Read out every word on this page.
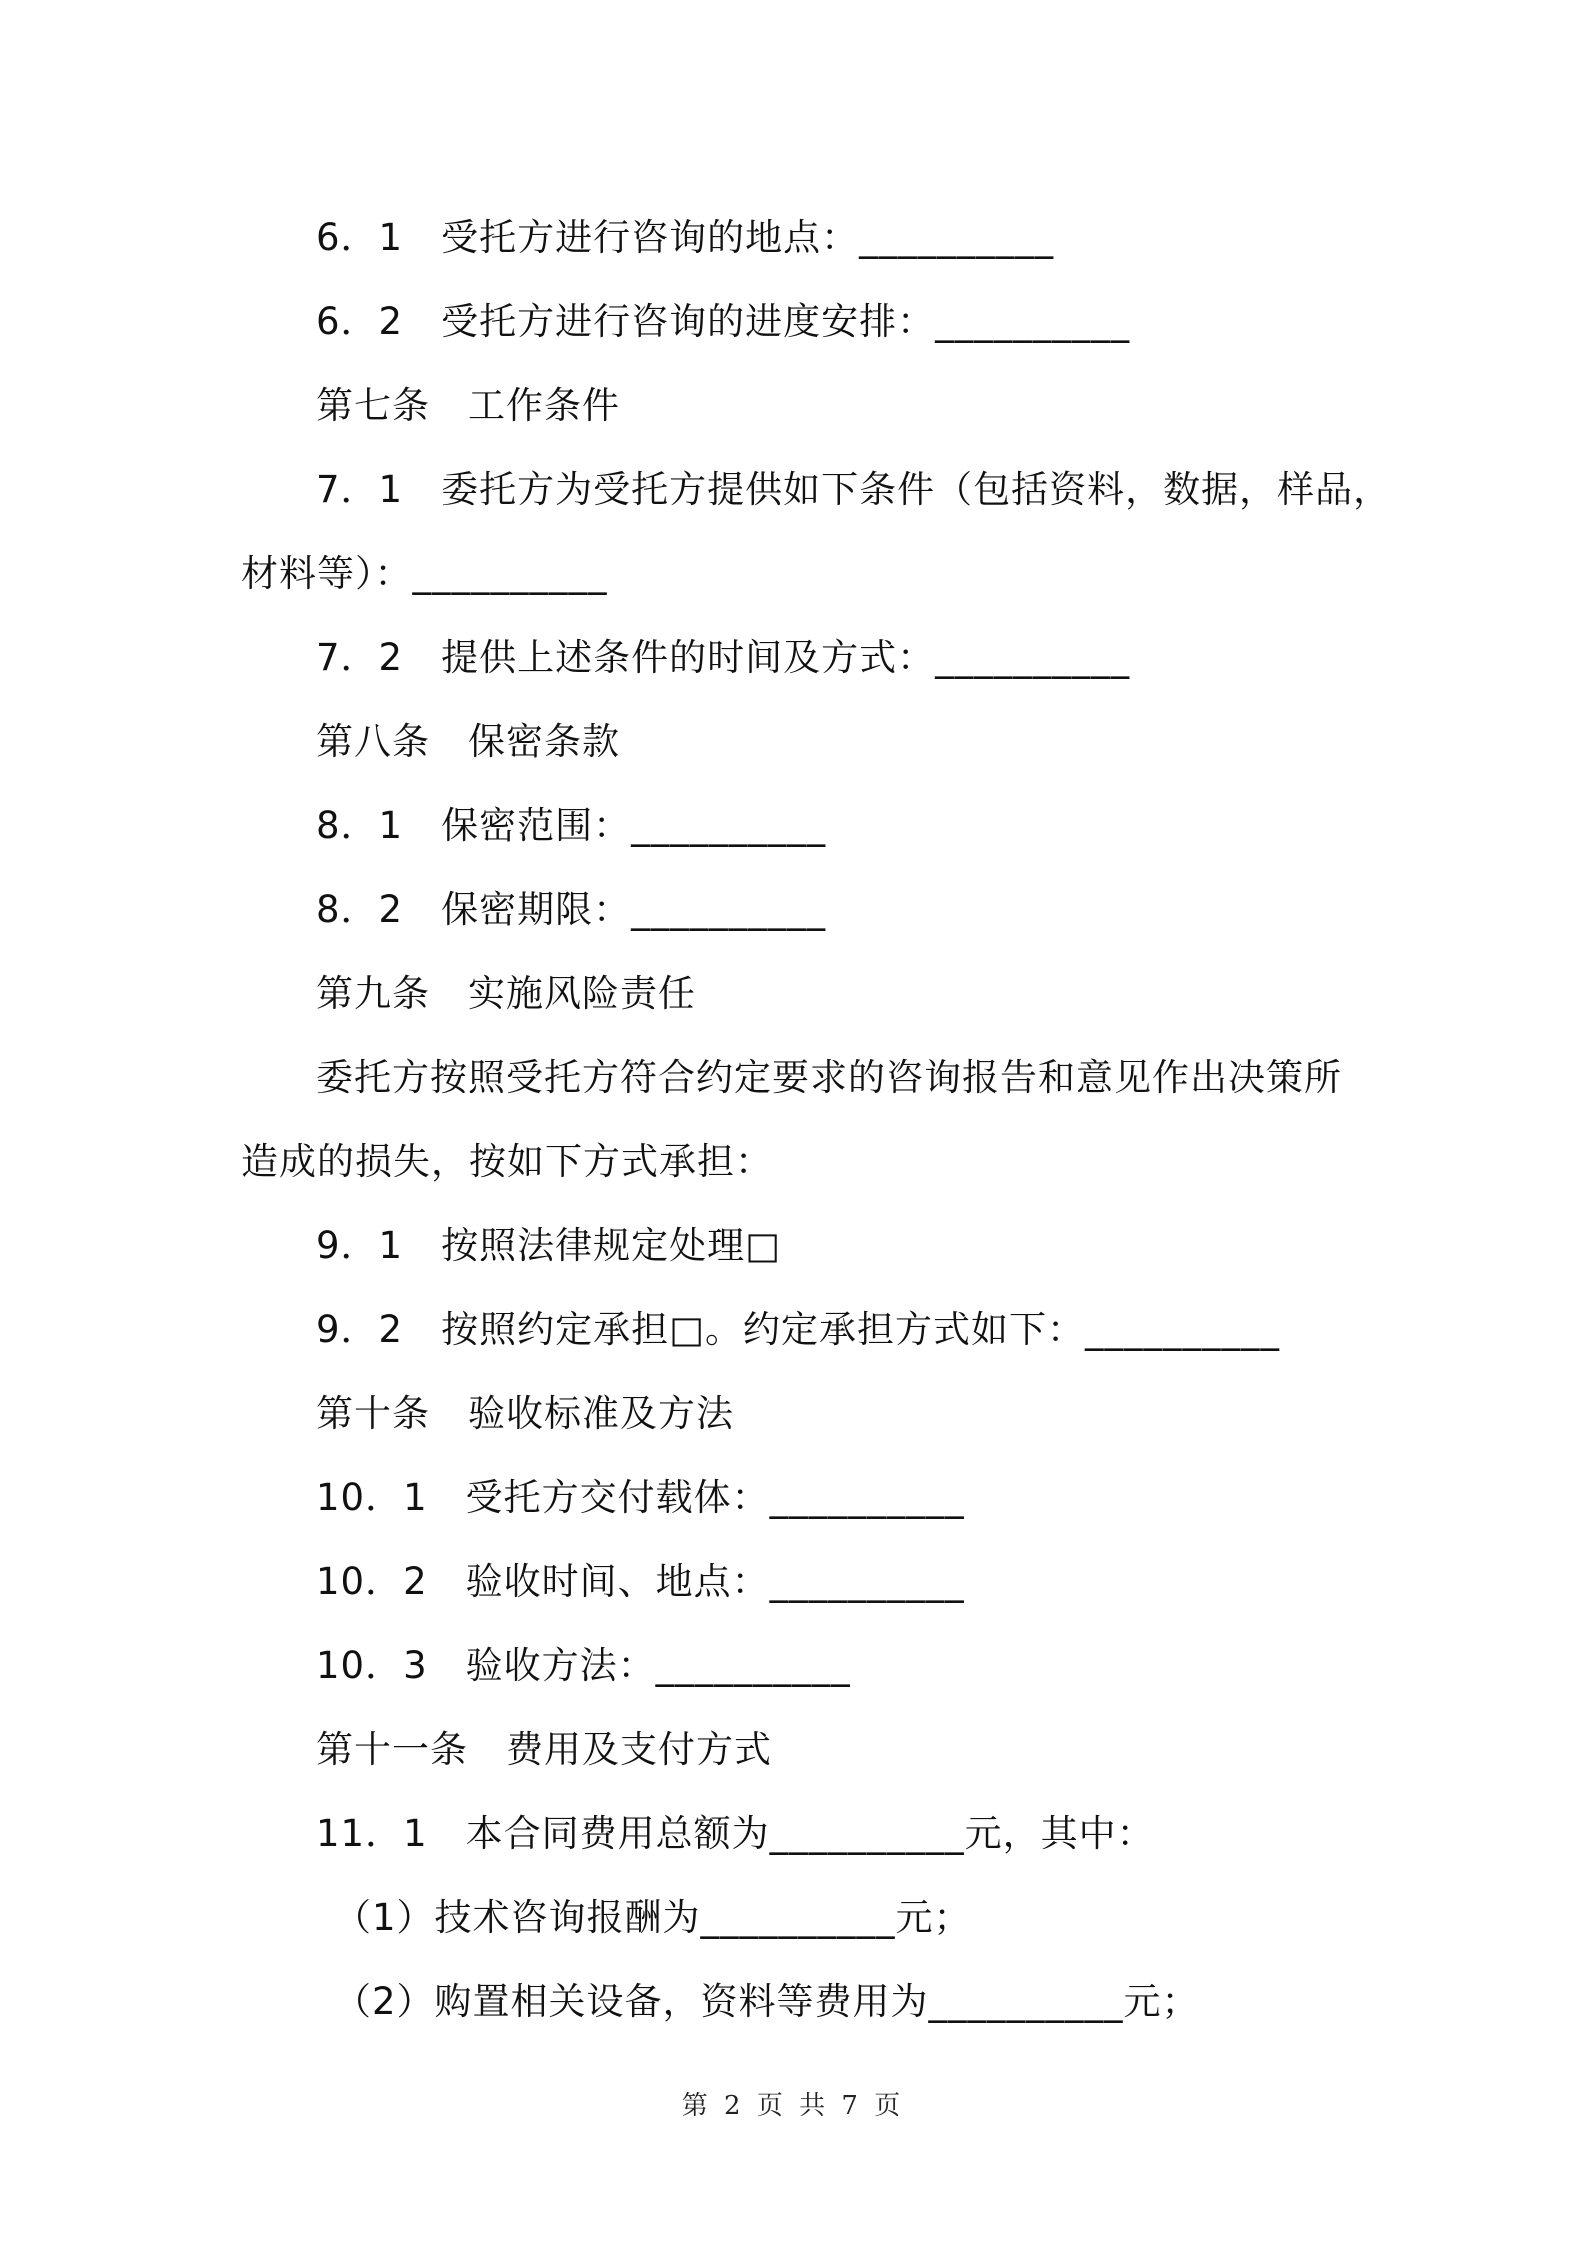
6．1　受托方进行咨询的地点：__________
6．2　受托方进行咨询的进度安排：__________
第七条　工作条件
7．1　委托方为受托方提供如下条件（包括资料，数据，样品，
材料等）：__________
7．2　提供上述条件的时间及方式：__________
第八条　保密条款
8．1　保密范围：__________
8．2　保密期限：__________
第九条　实施风险责任
委托方按照受托方符合约定要求的咨询报告和意见作出决策所
造成的损失，按如下方式承担：
9．1　按照法律规定处理□
9．2　按照约定承担□。约定承担方式如下：__________
第十条　验收标准及方法
10．1　受托方交付载体：__________
10．2　验收时间、地点：__________
10．3　验收方法：__________
第十一条　费用及支付方式
11．1　本合同费用总额为__________元，其中：
（1）技术咨询报酬为__________元；
（2）购置相关设备，资料等费用为__________元；
第 2 页 共 7 页
